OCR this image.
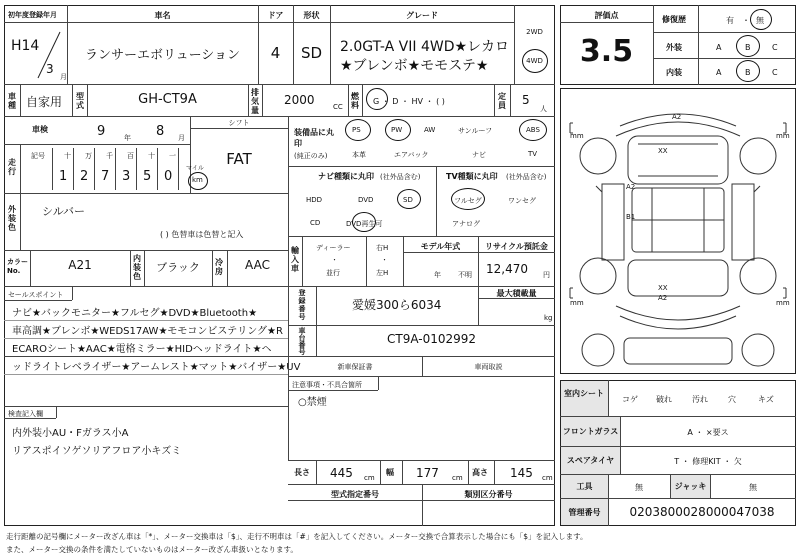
初年度登録年月
H14
3
月
車名
ランサーエボリューション
ドア
4
形状
SD
グレード
2.0GT-A VII 4WD★レカロ
★ブレンボ★モモステ★
2WD
4WD
車種 自家用 型式	GH-CT9A	排気量
2000	CC
燃料 G ・ D ・ HV ・ ( )
定員 5
人
車検	9	年 8 月
シフト
FAT
走行
記号	十 万 千 百 十 一
1 2 7 3 5 0
マイル
km
外装色
シルバー
( ) 色替車は色替と記入
カラーNo.	A21	内装色
ブラック	冷房	AAC
装備品に丸印
(純正のみ)
PS	PW	AW	サンルーフ	ABS
本革	エアバック	ナビ	TV
ナビ種類に丸印 (社外品含む)
HDD	DVD	SD
CD	DVD再生可
TV種類に丸印 (社外品含む)
フルセグ	ワンセグ
アナログ
輸入車
ディーラー
・
並行
右H
・
左H
モデル年式
年 不明
リサイクル預託金
12,470 円
登録番号
愛媛300ら6034
最大積載量
kg
車台番号
CT9A-0102992
セールスポイント
ナビ★バックモニター★フルセグ★DVD★Bluetooth★
車高調★ブレンボ★WEDS17AW★モモコンビステリング★R
ECAROシート★AAC★電格ミラー★HIDヘッドライト★ヘ
ッドライトレベライザー★アームレスト★マット★バイザー★UV	新車保証書	車両取説
注意事項・不具合箇所
○禁煙
検査記入欄
内外装小AU・Fガラス小A
リアスポイソゲソリアフロア小キズミ
長さ 445 cm
幅 177 cm
高さ 145 cm
型式指定番号	類別区分番号
評価点
3.5
修復歴	有 ・ 無
外装	A	B	C
内装	A	B	C
mm	mm
mm	mm
A2
XX
A2
B1
XX
A2
室内シート
コゲ 破れ	汚れ	穴	キズ
フロントガラス	A ・ ×要ス
スペアタイヤ	T ・ 修理KIT ・ 欠
工具	無	ジャッキ	無
管理番号	020380002800004703​8
走行距離の記号欄にメーター改ざん車は「*」、メーター交換車は「$」、走行不明車は「#」を記入してください。メーター交換で合算表示した場合にも「$」を記入します。
また、メーター交換の条件を満たしていないものはメーター改ざん車扱いとなります。
